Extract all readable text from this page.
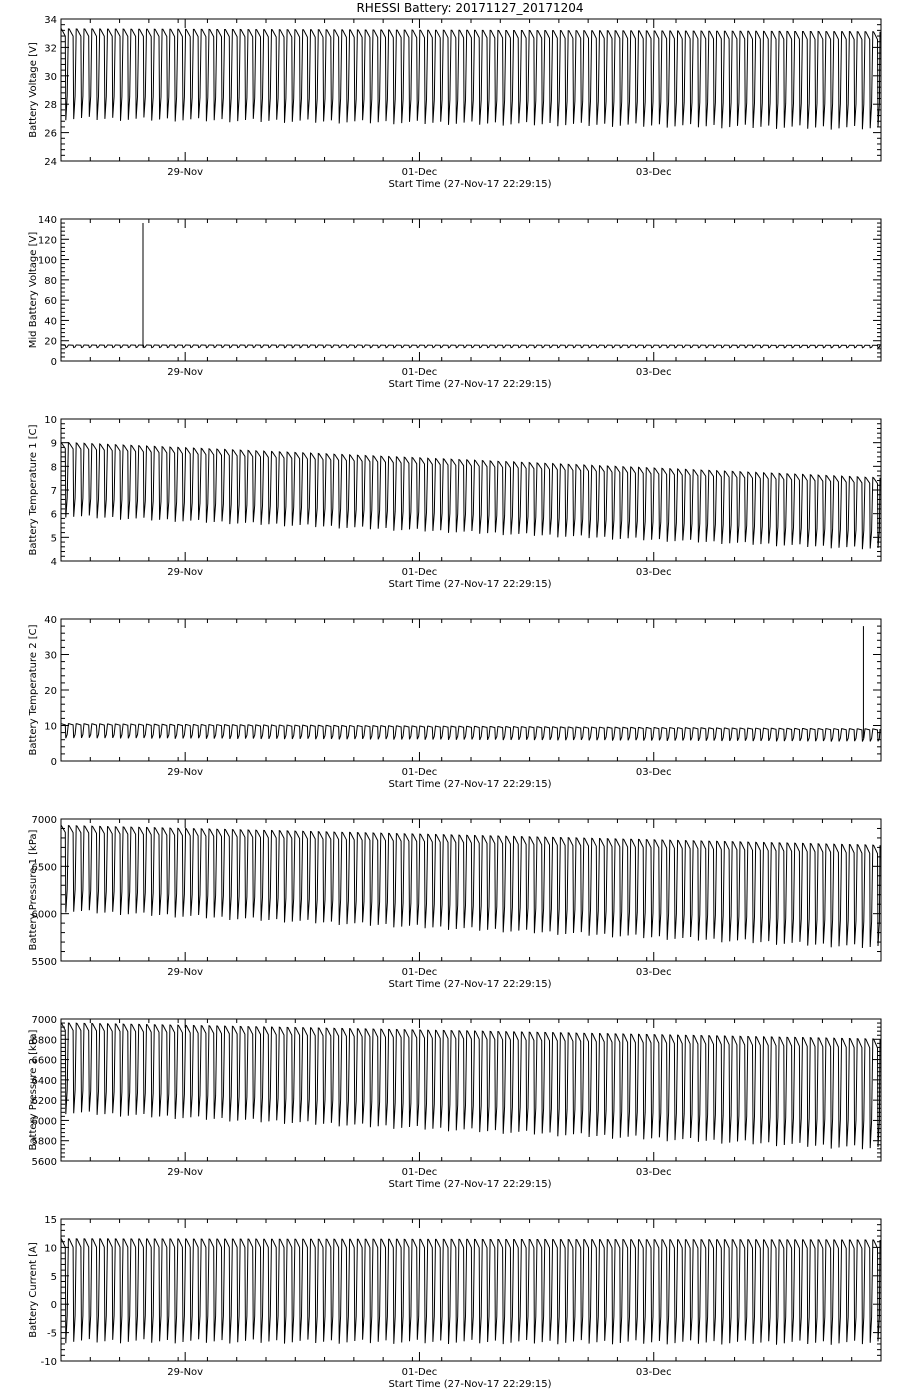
RHESSI Battery: 20171127_20171204
24
26
28
30
32
34
29-Nov	01-Dec	03-Dec
Start Time (27-Nov-17 22:29:15)
Battery Voltage [V]
0
20
40
60
80
100
120
140
29-Nov	01-Dec	03-Dec
Start Time (27-Nov-17 22:29:15)
Mid Battery Voltage [V]
4
5
6
7
8
9
10
29-Nov	01-Dec	03-Dec
Start Time (27-Nov-17 22:29:15)
Battery Temperature 1 [C]
0
10
20
30
40
29-Nov	01-Dec	03-Dec
Start Time (27-Nov-17 22:29:15)
Battery Temperature 2 [C]
5500
6000
6500
7000
29-Nov	01-Dec	03-Dec
Start Time (27-Nov-17 22:29:15)
Battery Pressure 1 [kPa]
5600
5800
6000
6200
6400
6600
6800
7000
29-Nov	01-Dec	03-Dec
Start Time (27-Nov-17 22:29:15)
Battery Pressure 2 [kPa]
-10
-5
0
5
10
15
29-Nov	01-Dec	03-Dec
Start Time (27-Nov-17 22:29:15)
Battery Current [A]
